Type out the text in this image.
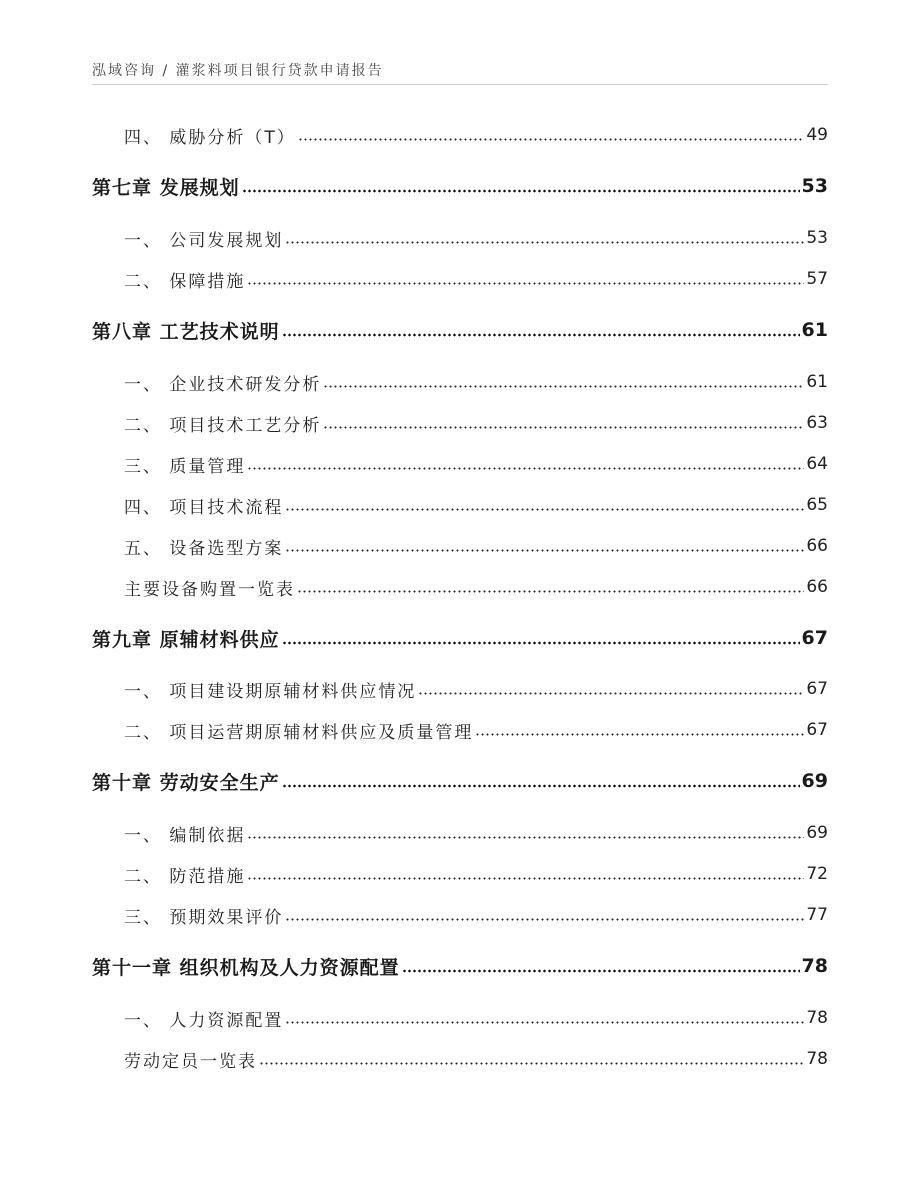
泓域咨询 / 灌浆料项目银行贷款申请报告
四、 威胁分析（T）	49
第七章 发展规划	53
一、 公司发展规划	53
二、 保障措施	57
第八章 工艺技术说明	61
一、 企业技术研发分析	61
二、 项目技术工艺分析	63
三、 质量管理	64
四、 项目技术流程	65
五、 设备选型方案	66
主要设备购置一览表	66
第九章 原辅材料供应	67
一、 项目建设期原辅材料供应情况	67
二、 项目运营期原辅材料供应及质量管理	67
第十章 劳动安全生产	69
一、 编制依据	69
二、 防范措施	72
三、 预期效果评价	77
第十一章 组织机构及人力资源配置	78
一、 人力资源配置	78
劳动定员一览表	78
